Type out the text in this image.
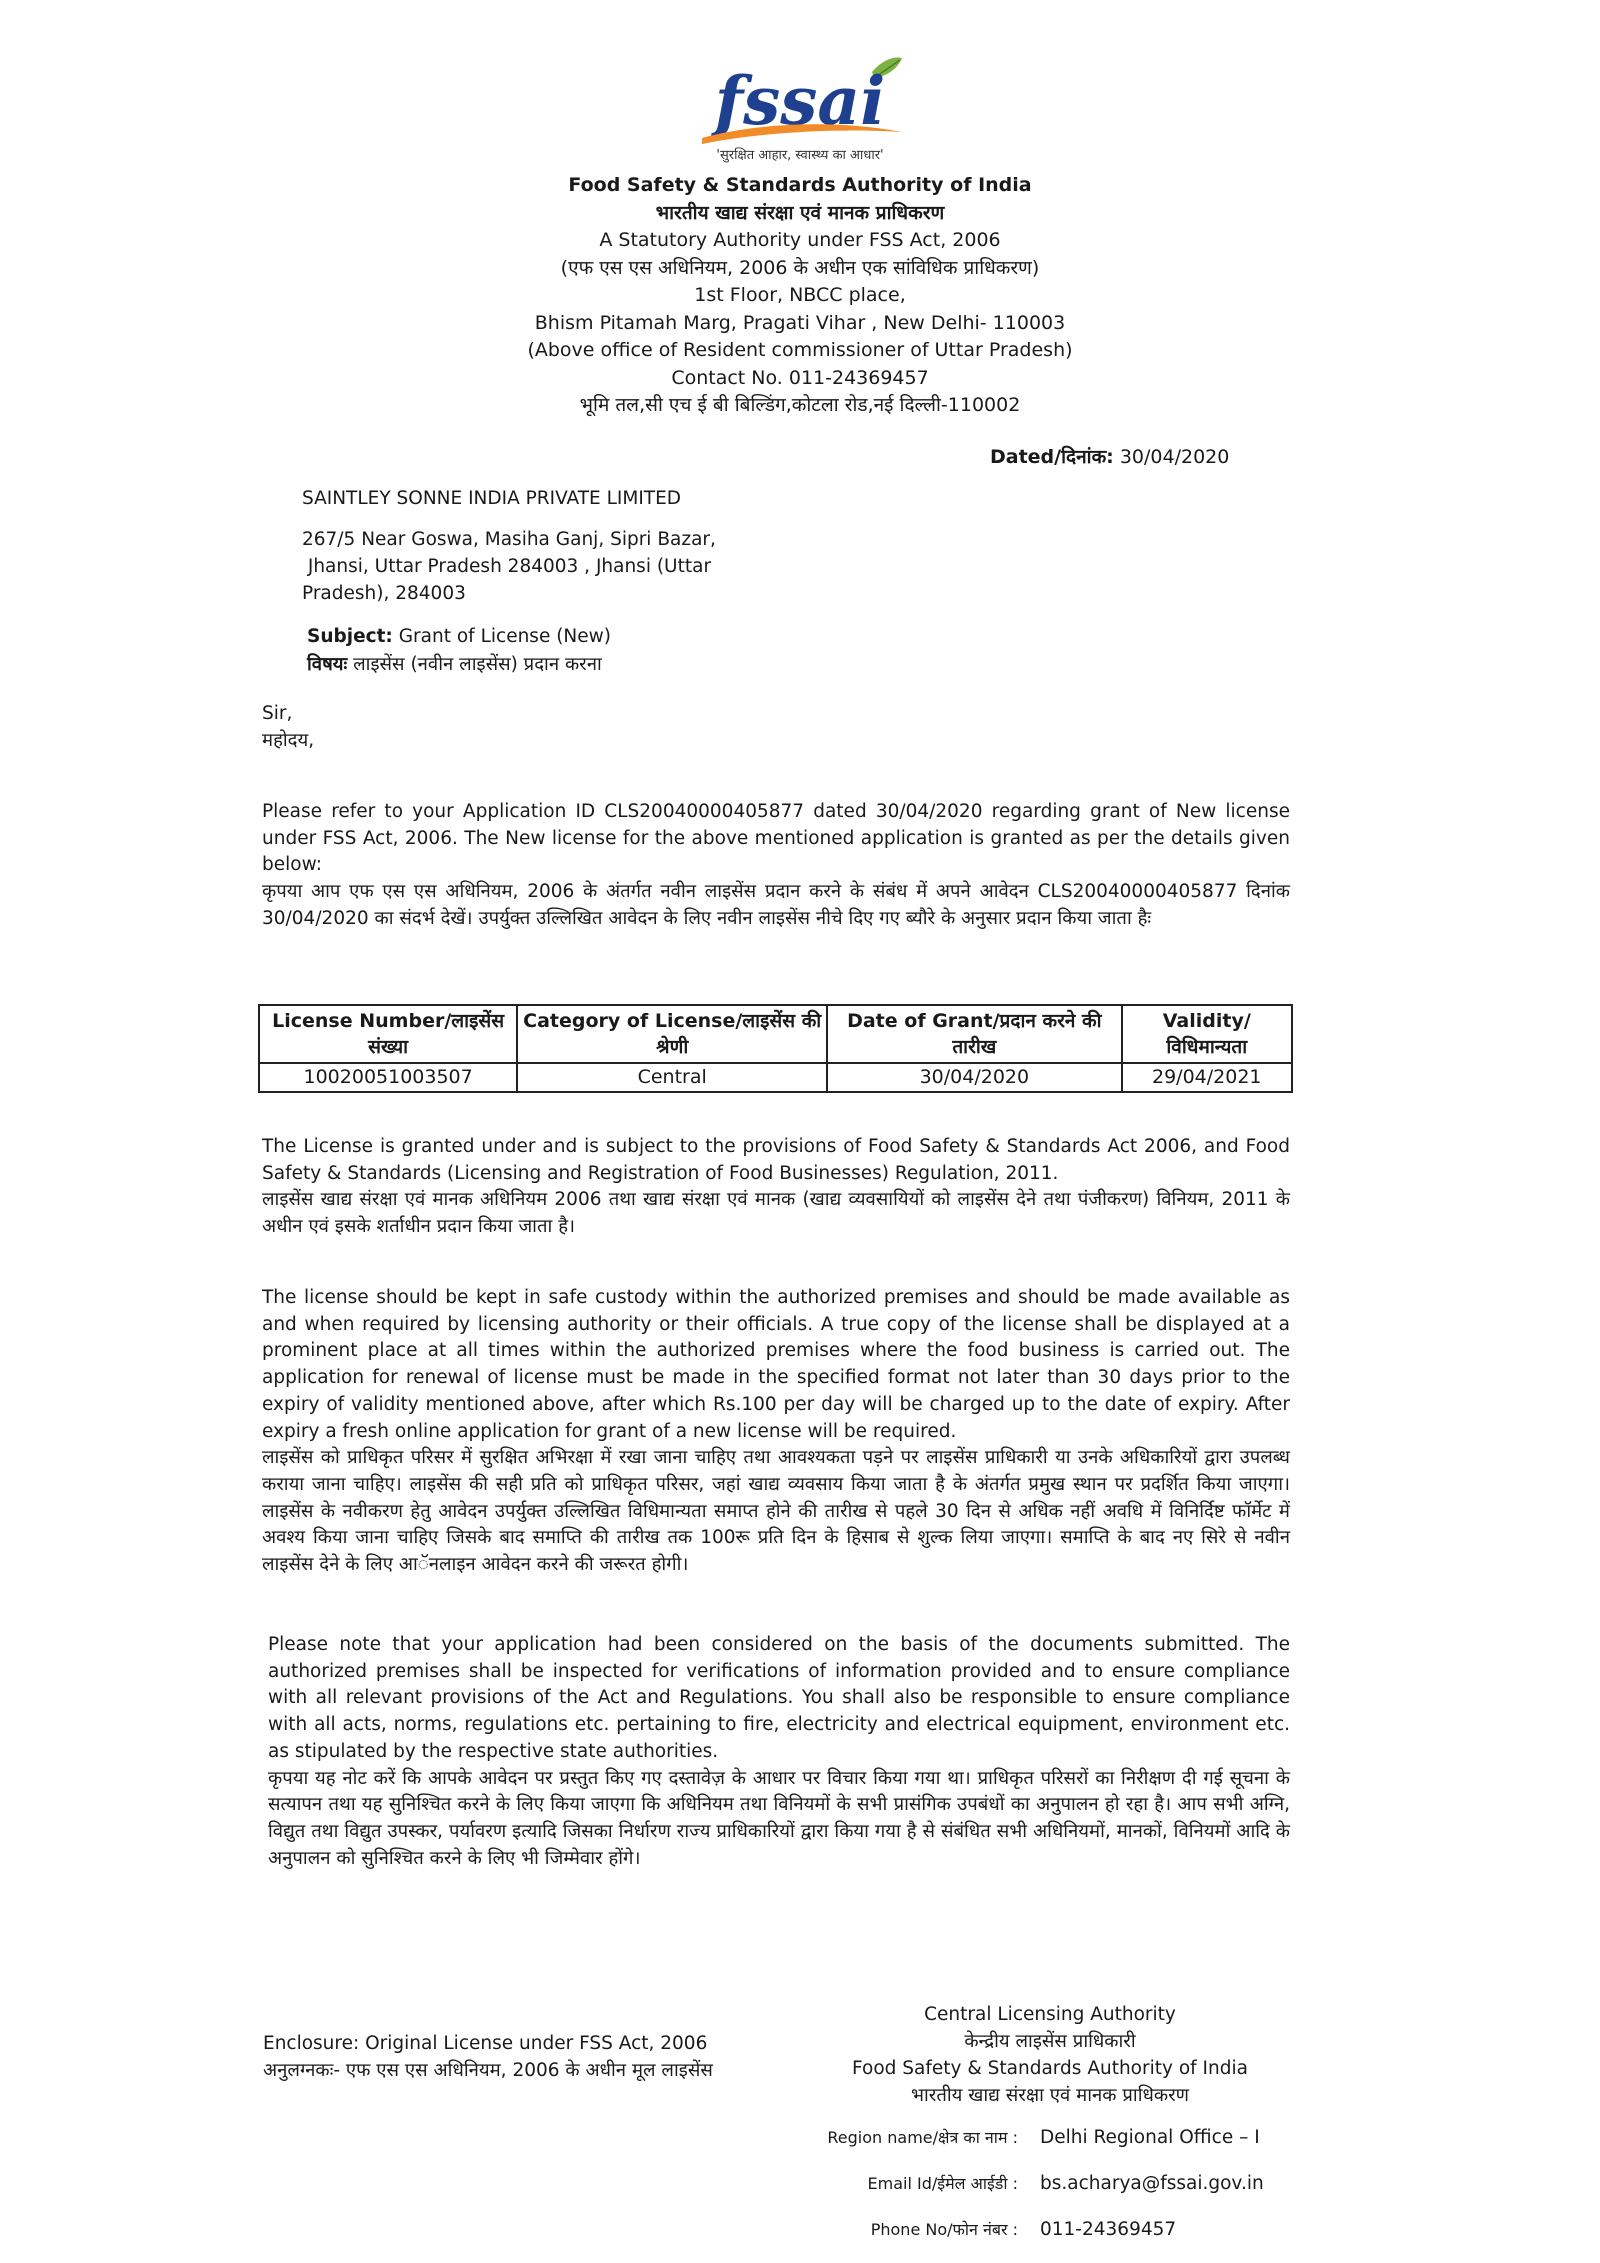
fssai
'सुरक्षित आहार, स्वास्थ्य का आधार'
Food Safety & Standards Authority of India
भारतीय खाद्य संरक्षा एवं मानक प्राधिकरण
A Statutory Authority under FSS Act, 2006
(एफ एस एस अधिनियम, 2006 के अधीन एक सांविधिक प्राधिकरण)
1st Floor, NBCC place,
Bhism Pitamah Marg, Pragati Vihar , New Delhi- 110003
(Above office of Resident commissioner of Uttar Pradesh)
Contact No. 011-24369457
भूमि तल,सी एच ई बी बिल्डिंग,कोटला रोड,नई दिल्ली-110002
Dated/दिनांक: 30/04/2020
SAINTLEY SONNE INDIA PRIVATE LIMITED
267/5 Near Goswa, Masiha Ganj, Sipri Bazar,
Jhansi, Uttar Pradesh 284003 , Jhansi (Uttar
Pradesh), 284003
Subject: Grant of License (New)
विषयः लाइसेंस (नवीन लाइसेंस) प्रदान करना
Sir,
महोदय,

Please refer to your Application ID CLS20040000405877 dated 30/04/2020 regarding grant of New license under FSS Act, 2006. The New license for the above mentioned application is granted as per the details given below:

कृपया आप एफ एस एस अधिनियम, 2006 के अंतर्गत नवीन लाइसेंस प्रदान करने के संबंध में अपने आवेदन CLS20040000405877 दिनांक 30/04/2020 का संदर्भ देखें। उपर्युक्त उल्लिखित आवेदन के लिए नवीन लाइसेंस नीचे दिए गए ब्यौरे के अनुसार प्रदान किया जाता हैः

License Number/लाइसेंस संख्या	Category of License/लाइसेंस की श्रेणी	Date of Grant/प्रदान करने की तारीख	Validity/ विधिमान्यता
10020051003507	Central	30/04/2020	29/04/2021

The License is granted under and is subject to the provisions of Food Safety & Standards Act 2006, and Food Safety & Standards (Licensing and Registration of Food Businesses) Regulation, 2011.

लाइसेंस खाद्य संरक्षा एवं मानक अधिनियम 2006 तथा खाद्य संरक्षा एवं मानक (खाद्य व्यवसायियों को लाइसेंस देने तथा पंजीकरण) विनियम, 2011 के अधीन एवं इसके शर्ताधीन प्रदान किया जाता है।

The license should be kept in safe custody within the authorized premises and should be made available as and when required by licensing authority or their officials. A true copy of the license shall be displayed at a prominent place at all times within the authorized premises where the food business is carried out. The application for renewal of license must be made in the specified format not later than 30 days prior to the expiry of validity mentioned above, after which Rs.100 per day will be charged up to the date of expiry. After expiry a fresh online application for grant of a new license will be required.

लाइसेंस को प्राधिकृत परिसर में सुरक्षित अभिरक्षा में रखा जाना चाहिए तथा आवश्यकता पड़ने पर लाइसेंस प्राधिकारी या उनके अधिकारियों द्वारा उपलब्ध कराया जाना चाहिए। लाइसेंस की सही प्रति को प्राधिकृत परिसर, जहां खाद्य व्यवसाय किया जाता है के अंतर्गत प्रमुख स्थान पर प्रदर्शित किया जाएगा। लाइसेंस के नवीकरण हेतु आवेदन उपर्युक्त उल्लिखित विधिमान्यता समाप्त होने की तारीख से पहले 30 दिन से अधिक नहीं अवधि में विनिर्दिष्ट फॉर्मेट में अवश्य किया जाना चाहिए जिसके बाद समाप्ति की तारीख तक 100रू प्रति दिन के हिसाब से शुल्क लिया जाएगा। समाप्ति के बाद नए सिरे से नवीन लाइसेंस देने के लिए आॅनलाइन आवेदन करने की जरूरत होगी।

Please note that your application had been considered on the basis of the documents submitted. The authorized premises shall be inspected for verifications of information provided and to ensure compliance with all relevant provisions of the Act and Regulations. You shall also be responsible to ensure compliance with all acts, norms, regulations etc. pertaining to fire, electricity and electrical equipment, environment etc. as stipulated by the respective state authorities.

कृपया यह नोट करें कि आपके आवेदन पर प्रस्तुत किए गए दस्तावेज़ के आधार पर विचार किया गया था। प्राधिकृत परिसरों का निरीक्षण दी गई सूचना के सत्यापन तथा यह सुनिश्चित करने के लिए किया जाएगा कि अधिनियम तथा विनियमों के सभी प्रासंगिक उपबंधों का अनुपालन हो रहा है। आप सभी अग्नि, विद्युत तथा विद्युत उपस्कर, पर्यावरण इत्यादि जिसका निर्धारण राज्य प्राधिकारियों द्वारा किया गया है से संबंधित सभी अधिनियमों, मानकों, विनियमों आदि के अनुपालन को सुनिश्चित करने के लिए भी जिम्मेवार होंगे।

Enclosure: Original License under FSS Act, 2006
अनुलग्नकः- एफ एस एस अधिनियम, 2006 के अधीन मूल लाइसेंस
Central Licensing Authority
केन्द्रीय लाइसेंस प्राधिकारी
Food Safety & Standards Authority of India
भारतीय खाद्य संरक्षा एवं मानक प्राधिकरण
Region name/क्षेत्र का नाम : Delhi Regional Office – I
Email Id/ईमेल आईडी : bs.acharya@fssai.gov.in
Phone No/फोन नंबर : 011-24369457
